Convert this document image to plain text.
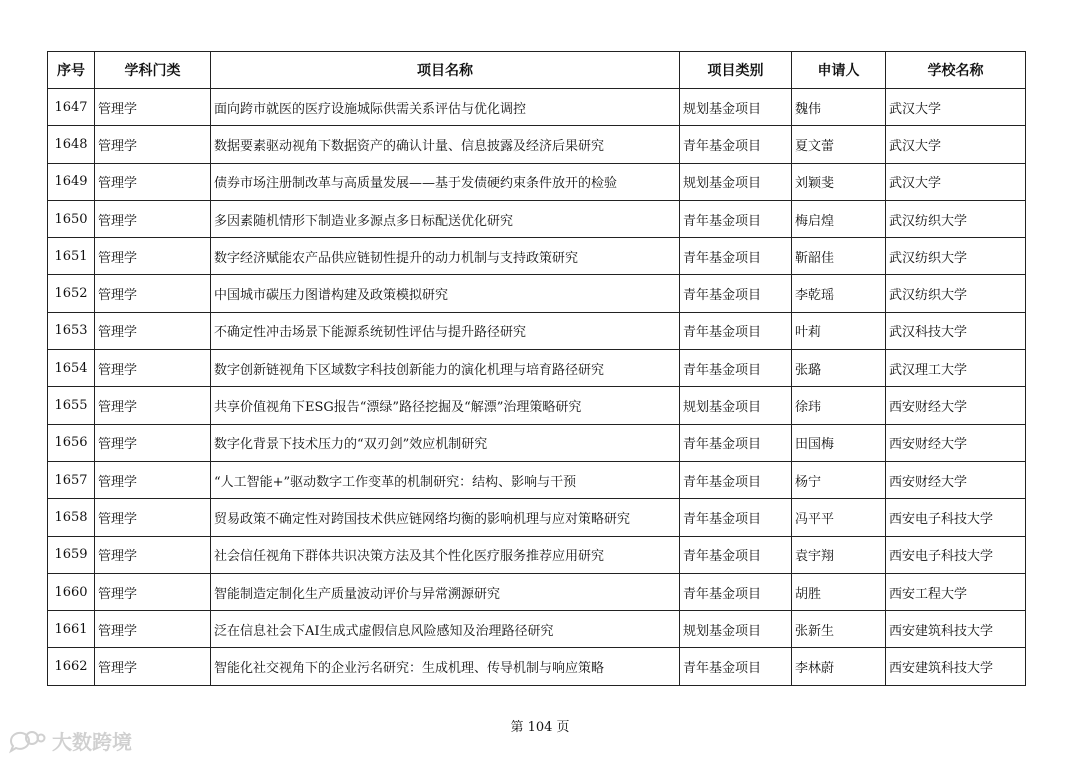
序号	学科门类	项目名称	项目类别	申请人	学校名称
1647	管理学	面向跨市就医的医疗设施城际供需关系评估与优化调控	规划基金项目	魏伟	武汉大学
1648	管理学	数据要素驱动视角下数据资产的确认计量、信息披露及经济后果研究	青年基金项目	夏文蕾	武汉大学
1649	管理学	债券市场注册制改革与高质量发展——基于发债硬约束条件放开的检验	规划基金项目	刘颖斐	武汉大学
1650	管理学	多因素随机情形下制造业多源点多日标配送优化研究	青年基金项目	梅启煌	武汉纺织大学
1651	管理学	数字经济赋能农产品供应链韧性提升的动力机制与支持政策研究	青年基金项目	靳韶佳	武汉纺织大学
1652	管理学	中国城市碳压力图谱构建及政策模拟研究	青年基金项目	李乾瑶	武汉纺织大学
1653	管理学	不确定性冲击场景下能源系统韧性评估与提升路径研究	青年基金项目	叶莉	武汉科技大学
1654	管理学	数字创新链视角下区域数字科技创新能力的演化机理与培育路径研究	青年基金项目	张璐	武汉理工大学
1655	管理学	共享价值视角下ESG报告“漂绿”路径挖掘及“解漂”治理策略研究	规划基金项目	徐玮	西安财经大学
1656	管理学	数字化背景下技术压力的“双刃剑”效应机制研究	青年基金项目	田国梅	西安财经大学
1657	管理学	“人工智能+”驱动数字工作变革的机制研究：结构、影响与干预	青年基金项目	杨宁	西安财经大学
1658	管理学	贸易政策不确定性对跨国技术供应链网络均衡的影响机理与应对策略研究	青年基金项目	冯平平	西安电子科技大学
1659	管理学	社会信任视角下群体共识决策方法及其个性化医疗服务推荐应用研究	青年基金项目	袁宇翔	西安电子科技大学
1660	管理学	智能制造定制化生产质量波动评价与异常溯源研究	青年基金项目	胡胜	西安工程大学
1661	管理学	泛在信息社会下AI生成式虚假信息风险感知及治理路径研究	规划基金项目	张新生	西安建筑科技大学
1662	管理学	智能化社交视角下的企业污名研究：生成机理、传导机制与响应策略	青年基金项目	李林蔚	西安建筑科技大学
第 104 页
大数跨境
